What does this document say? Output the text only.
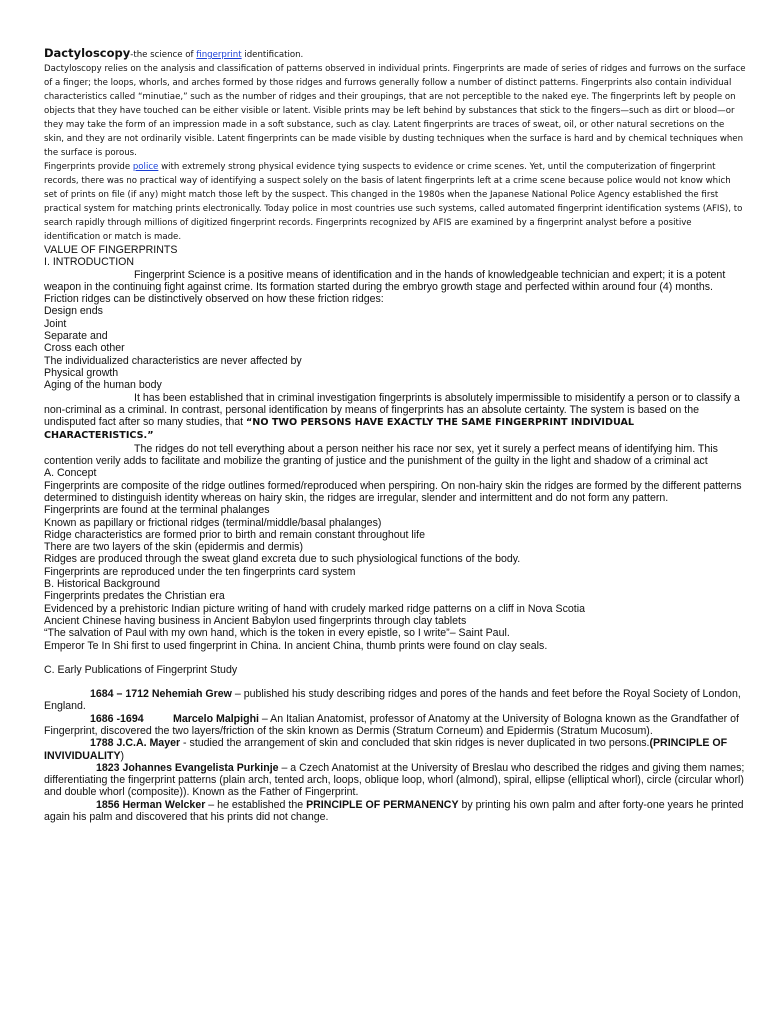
Dactyloscopy-the science of fingerprint identification.

Dactyloscopy relies on the analysis and classification of patterns observed in individual prints. Fingerprints are made of series of ridges and furrows on the surface of a finger; the loops, whorls, and arches formed by those ridges and furrows generally follow a number of distinct patterns. Fingerprints also contain individual characteristics called “minutiae,” such as the number of ridges and their groupings, that are not perceptible to the naked eye. The fingerprints left by people on objects that they have touched can be either visible or latent. Visible prints may be left behind by substances that stick to the fingers—such as dirt or blood—or they may take the form of an impression made in a soft substance, such as clay. Latent fingerprints are traces of sweat, oil, or other natural secretions on the skin, and they are not ordinarily visible. Latent fingerprints can be made visible by dusting techniques when the surface is hard and by chemical techniques when the surface is porous.

Fingerprints provide police with extremely strong physical evidence tying suspects to evidence or crime scenes. Yet, until the computerization of fingerprint records, there was no practical way of identifying a suspect solely on the basis of latent fingerprints left at a crime scene because police would not know which set of prints on file (if any) might match those left by the suspect. This changed in the 1980s when the Japanese National Police Agency established the first practical system for matching prints electronically. Today police in most countries use such systems, called automated fingerprint identification systems (AFIS), to search rapidly through millions of digitized fingerprint records. Fingerprints recognized by AFIS are examined by a fingerprint analyst before a positive identification or match is made.

VALUE OF FINGERPRINTS

I. INTRODUCTION

Fingerprint Science is a positive means of identification and in the hands of knowledgeable technician and expert; it is a potent weapon in the continuing fight against crime. Its formation started during the embryo growth stage and perfected within around four (4) months. Friction ridges can be distinctively observed on how these friction ridges:

Design ends

Joint

Separate and

Cross each other

The individualized characteristics are never affected by

Physical growth

Aging of the human body

It has been established that in criminal investigation fingerprints is absolutely impermissible to misidentify a person or to classify a non-criminal as a criminal. In contrast, personal identification by means of fingerprints has an absolute certainty. The system is based on the undisputed fact after so many studies, that “NO TWO PERSONS HAVE EXACTLY THE SAME FINGERPRINT INDIVIDUAL CHARACTERISTICS.”

The ridges do not tell everything about a person neither his race nor sex, yet it surely a perfect means of identifying him. This contention verily adds to facilitate and mobilize the granting of justice and the punishment of the guilty in the light and shadow of a criminal act

A. Concept

Fingerprints are composite of the ridge outlines formed/reproduced when perspiring. On non-hairy skin the ridges are formed by the different patterns determined to distinguish identity whereas on hairy skin, the ridges are irregular, slender and intermittent and do not form any pattern.

Fingerprints are found at the terminal phalanges

Known as papillary or frictional ridges (terminal/middle/basal phalanges)

Ridge characteristics are formed prior to birth and remain constant throughout life

There are two layers of the skin (epidermis and dermis)

Ridges are produced through the sweat gland excreta due to such physiological functions of the body.

Fingerprints are reproduced under the ten fingerprints card system

B. Historical Background

Fingerprints predates the Christian era

Evidenced by a prehistoric Indian picture writing of hand with crudely marked ridge patterns on a cliff in Nova Scotia

Ancient Chinese having business in Ancient Babylon used fingerprints through clay tablets

“The salvation of Paul with my own hand, which is the token in every epistle, so I write”– Saint Paul.

Emperor Te In Shi first to used fingerprint in China. In ancient China, thumb prints were found on clay seals.

C. Early Publications of Fingerprint Study

1684 – 1712 Nehemiah Grew – published his study describing ridges and pores of the hands and feet before the Royal Society of London, England.

1686 -1694          Marcelo Malpighi – An Italian Anatomist, professor of Anatomy at the University of Bologna known as the Grandfather of Fingerprint, discovered the two layers/friction of the skin known as Dermis (Stratum Corneum) and Epidermis (Stratum Mucosum).

1788 J.C.A. Mayer - studied the arrangement of skin and concluded that skin ridges is never duplicated in two persons.(PRINCIPLE OF INVIVIDUALITY)

1823 Johannes Evangelista Purkinje – a Czech Anatomist at the University of Breslau who described the ridges and giving them names; differentiating the fingerprint patterns (plain arch, tented arch, loops, oblique loop, whorl (almond), spiral, ellipse (elliptical whorl), circle (circular whorl) and double whorl (composite)). Known as the Father of Fingerprint.

1856 Herman Welcker – he established the PRINCIPLE OF PERMANENCY by printing his own palm and after forty-one years he printed again his palm and discovered that his prints did not change.
